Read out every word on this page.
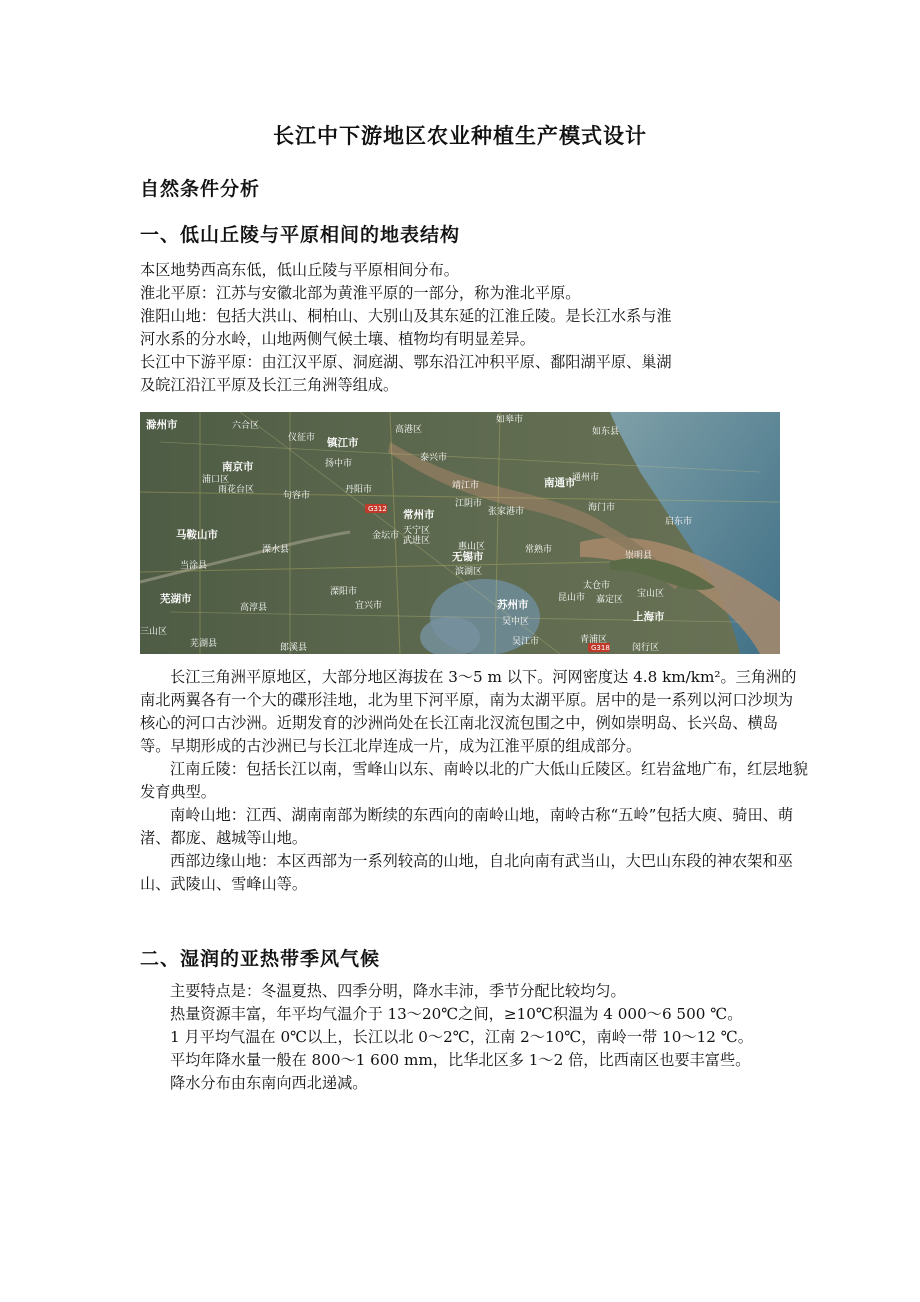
长江中下游地区农业种植生产模式设计
自然条件分析
一、低山丘陵与平原相间的地表结构

本区地势西高东低，低山丘陵与平原相间分布。

淮北平原：江苏与安徽北部为黄淮平原的一部分，称为淮北平原。

淮阳山地：包括大洪山、桐柏山、大别山及其东延的江淮丘陵。是长江水系与淮

河水系的分水岭，山地两侧气候土壤、植物均有明显差异。

长江中下游平原：由江汉平原、洞庭湖、鄂东沿江冲积平原、鄱阳湖平原、巢湖

及皖江沿江平原及长江三角洲等组成。

G312
G318
滁州市
南京市
镇江市
南通市
常州市
马鞍山市
无锡市
芜湖市	苏州市
上海市
六合区
仪征市
高港区
如皋市
如东县
扬中市
泰兴市
浦口区
雨花台区
句容市
靖江市
通州市
丹阳市
江阴市
张家港市	海门市
启东市
溧水县
金坛市 天宁区
武进区
常熟市
当涂县
惠山区
滨湖区
崇明县
高淳县
溧阳市
宜兴市
太仓市
宝山区
昆山市 嘉定区
吴中区
三山区
芜湖县	郎溪县
吴江市	青浦区
闵行区

长江三角洲平原地区，大部分地区海拔在 3～5 m 以下。河网密度达 4.8 km/km²。三角洲的南北两翼各有一个大的碟形洼地，北为里下河平原，南为太湖平原。居中的是一系列以河口沙坝为核心的河口古沙洲。近期发育的沙洲尚处在长江南北汊流包围之中，例如崇明岛、长兴岛、横岛等。早期形成的古沙洲已与长江北岸连成一片，成为江淮平原的组成部分。

江南丘陵：包括长江以南，雪峰山以东、南岭以北的广大低山丘陵区。红岩盆地广布，红层地貌发育典型。

南岭山地：江西、湖南南部为断续的东西向的南岭山地，南岭古称“五岭”包括大庾、骑田、萌渚、都庞、越城等山地。

西部边缘山地：本区西部为一系列较高的山地，自北向南有武当山，大巴山东段的神农架和巫山、武陵山、雪峰山等。

二、湿润的亚热带季风气候

主要特点是：冬温夏热、四季分明，降水丰沛，季节分配比较均匀。

热量资源丰富，年平均气温介于 13～20℃之间，≥10℃积温为 4 000～6 500 ℃。

1 月平均气温在 0℃以上，长江以北 0～2℃，江南 2～10℃，南岭一带 10～12 ℃。

平均年降水量一般在 800～1 600 mm，比华北区多 1～2 倍，比西南区也要丰富些。

降水分布由东南向西北递减。
